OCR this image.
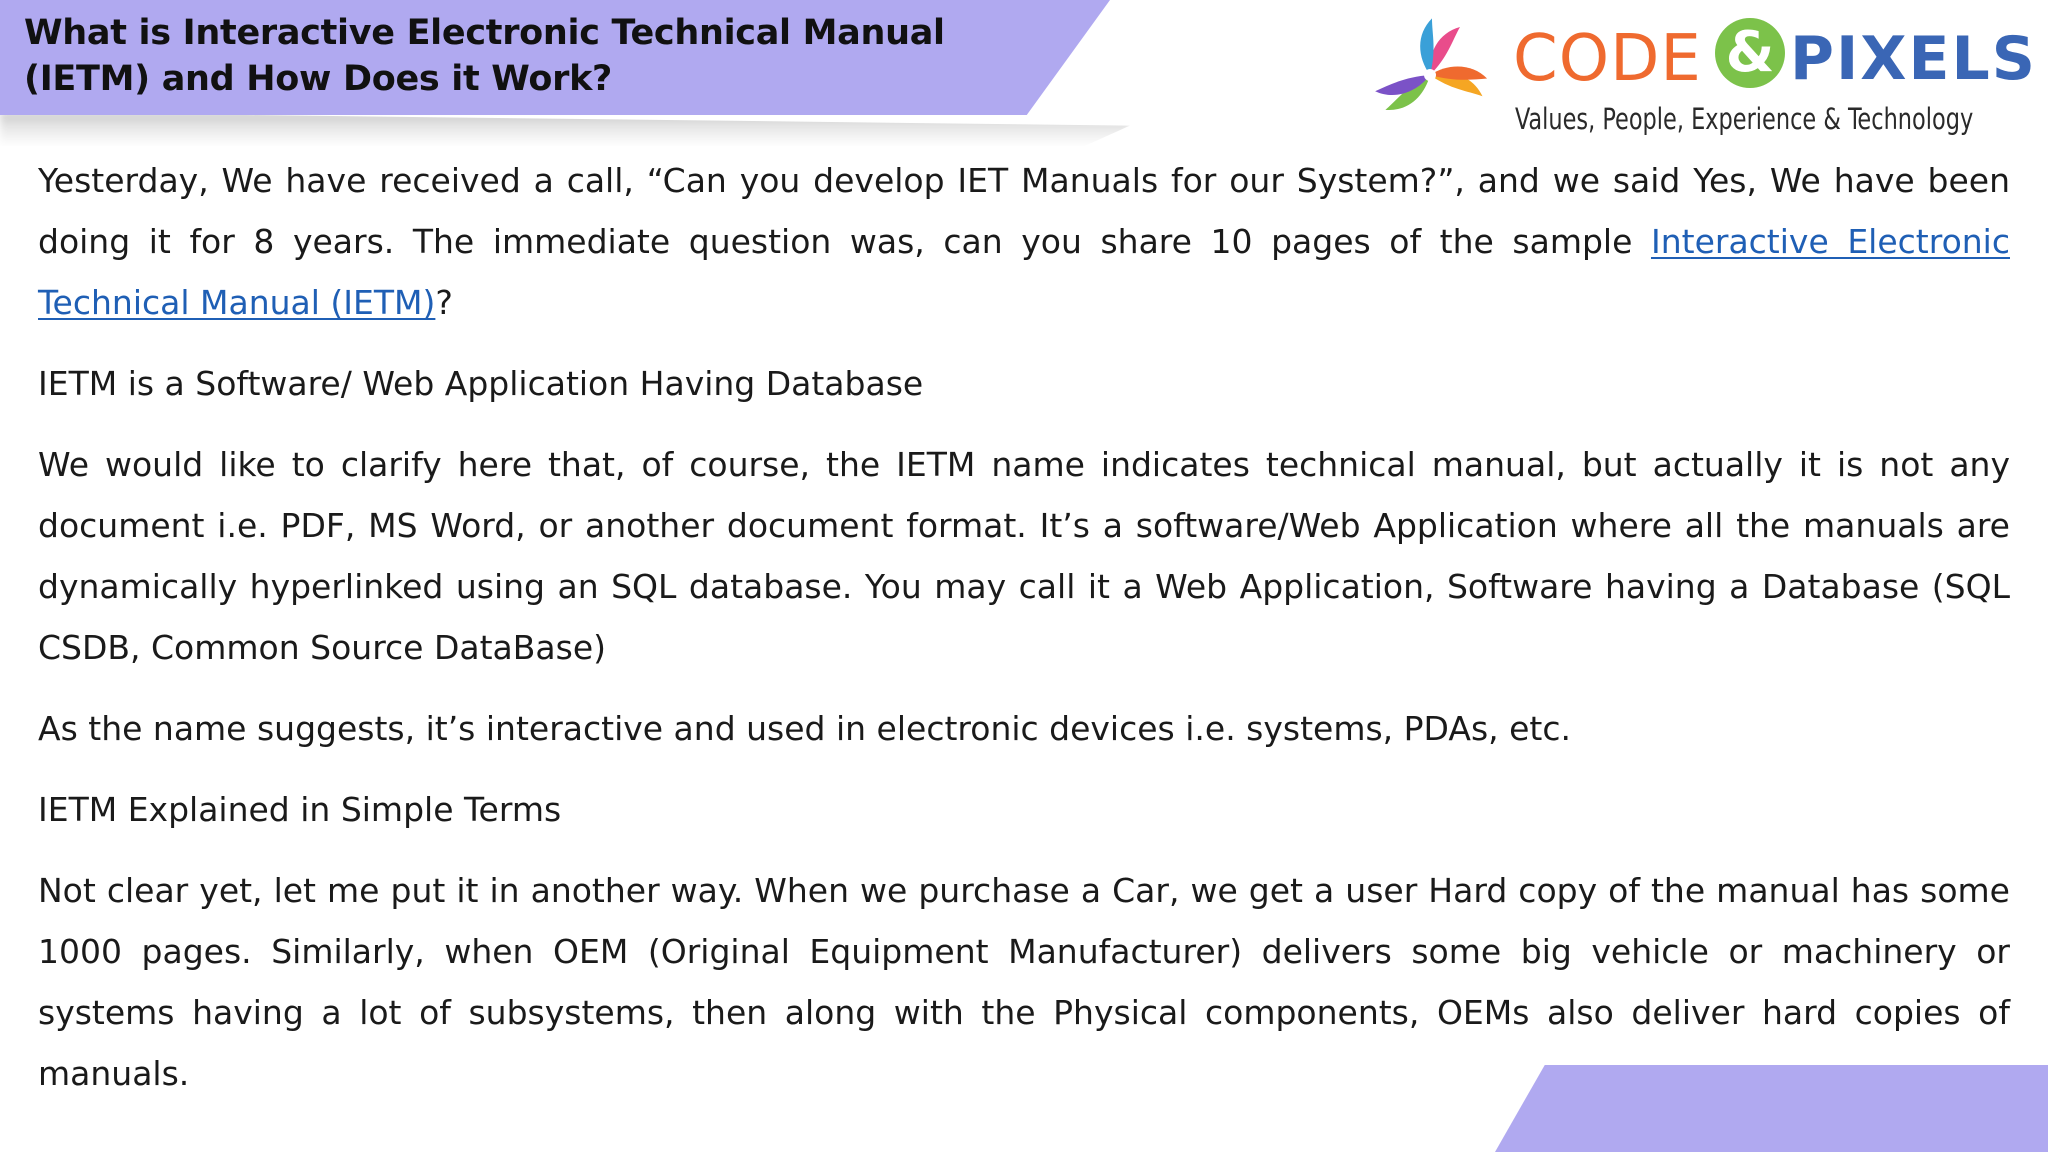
What is Interactive Electronic Technical Manual (IETM) and How Does it Work?	CODE & PIXELS
Values, People, Experience & Technology

Yesterday, We have received a call, “Can you develop IET Manuals for our System?”, and we said Yes, We have been doing it for 8 years. The immediate question was, can you share 10 pages of the sample Interactive Electronic Technical Manual (IETM)?

IETM is a Software/ Web Application Having Database

We would like to clarify here that, of course, the IETM name indicates technical manual, but actually it is not any document i.e. PDF, MS Word, or another document format. It’s a software/Web Application where all the manuals are dynamically hyperlinked using an SQL database. You may call it a Web Application, Software having a Database (SQL CSDB, Common Source DataBase)

As the name suggests, it’s interactive and used in electronic devices i.e. systems, PDAs, etc.

IETM Explained in Simple Terms

Not clear yet, let me put it in another way. When we purchase a Car, we get a user Hard copy of the manual has some 1000 pages. Similarly, when OEM (Original Equipment Manufacturer) delivers some big vehicle or machinery or systems having a lot of subsystems, then along with the Physical components, OEMs also deliver hard copies of manuals.
